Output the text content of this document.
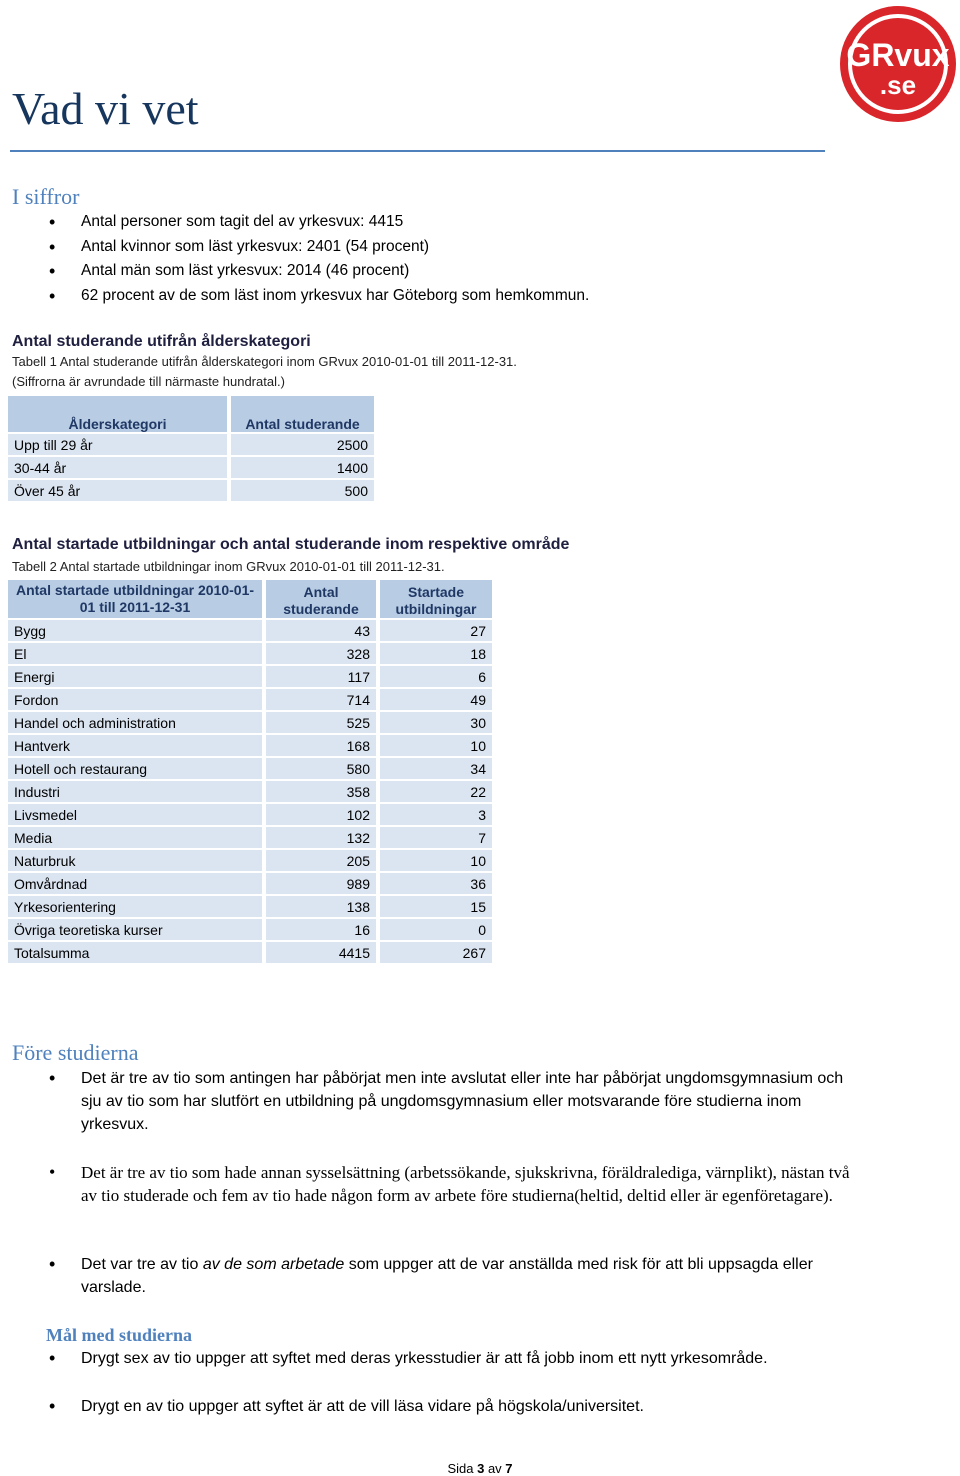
Vad vi vet
GRvux
.se
I siffror
• Antal personer som tagit del av yrkesvux: 4415
• Antal kvinnor som läst yrkesvux: 2401 (54 procent)
• Antal män som läst yrkesvux: 2014 (46 procent)
• 62 procent av de som läst inom yrkesvux har Göteborg som hemkommun.
Antal studerande utifrån ålderskategori
Tabell 1 Antal studerande utifrån ålderskategori inom GRvux 2010-01-01 till 2011-12-31.
(Siffrorna är avrundade till närmaste hundratal.)
Ålderskategori	Antal studerande
Upp till 29 år	2500
30-44 år	1400
Över 45 år	500
Antal startade utbildningar och antal studerande inom respektive område
Tabell 2 Antal startade utbildningar inom GRvux 2010-01-01 till 2011-12-31.
Antal startade utbildningar 2010-01-01 till 2011-12-31	Antal studerande	Startade utbildningar
Bygg	43	27
El	328	18
Energi	117	6
Fordon	714	49
Handel och administration	525	30
Hantverk	168	10
Hotell och restaurang	580	34
Industri	358	22
Livsmedel	102	3
Media	132	7
Naturbruk	205	10
Omvårdnad	989	36
Yrkesorientering	138	15
Övriga teoretiska kurser	16	0
Totalsumma	4415	267
Före studierna
• Det är tre av tio som antingen har påbörjat men inte avslutat eller inte har påbörjat ungdomsgymnasium och sju av tio som har slutfört en utbildning på ungdomsgymnasium eller motsvarande före studierna inom yrkesvux.
• Det är tre av tio som hade annan sysselsättning (arbetssökande, sjukskrivna, föräldralediga, värnplikt), nästan två av tio studerade och fem av tio hade någon form av arbete före studierna(heltid, deltid eller är egenföretagare).
• Det var tre av tio av de som arbetade som uppger att de var anställda med risk för att bli uppsagda eller varslade.
Mål med studierna
• Drygt sex av tio uppger att syftet med deras yrkesstudier är att få jobb inom ett nytt yrkesområde.
• Drygt en av tio uppger att syftet är att de vill läsa vidare på högskola/universitet.
Sida 3 av 7
